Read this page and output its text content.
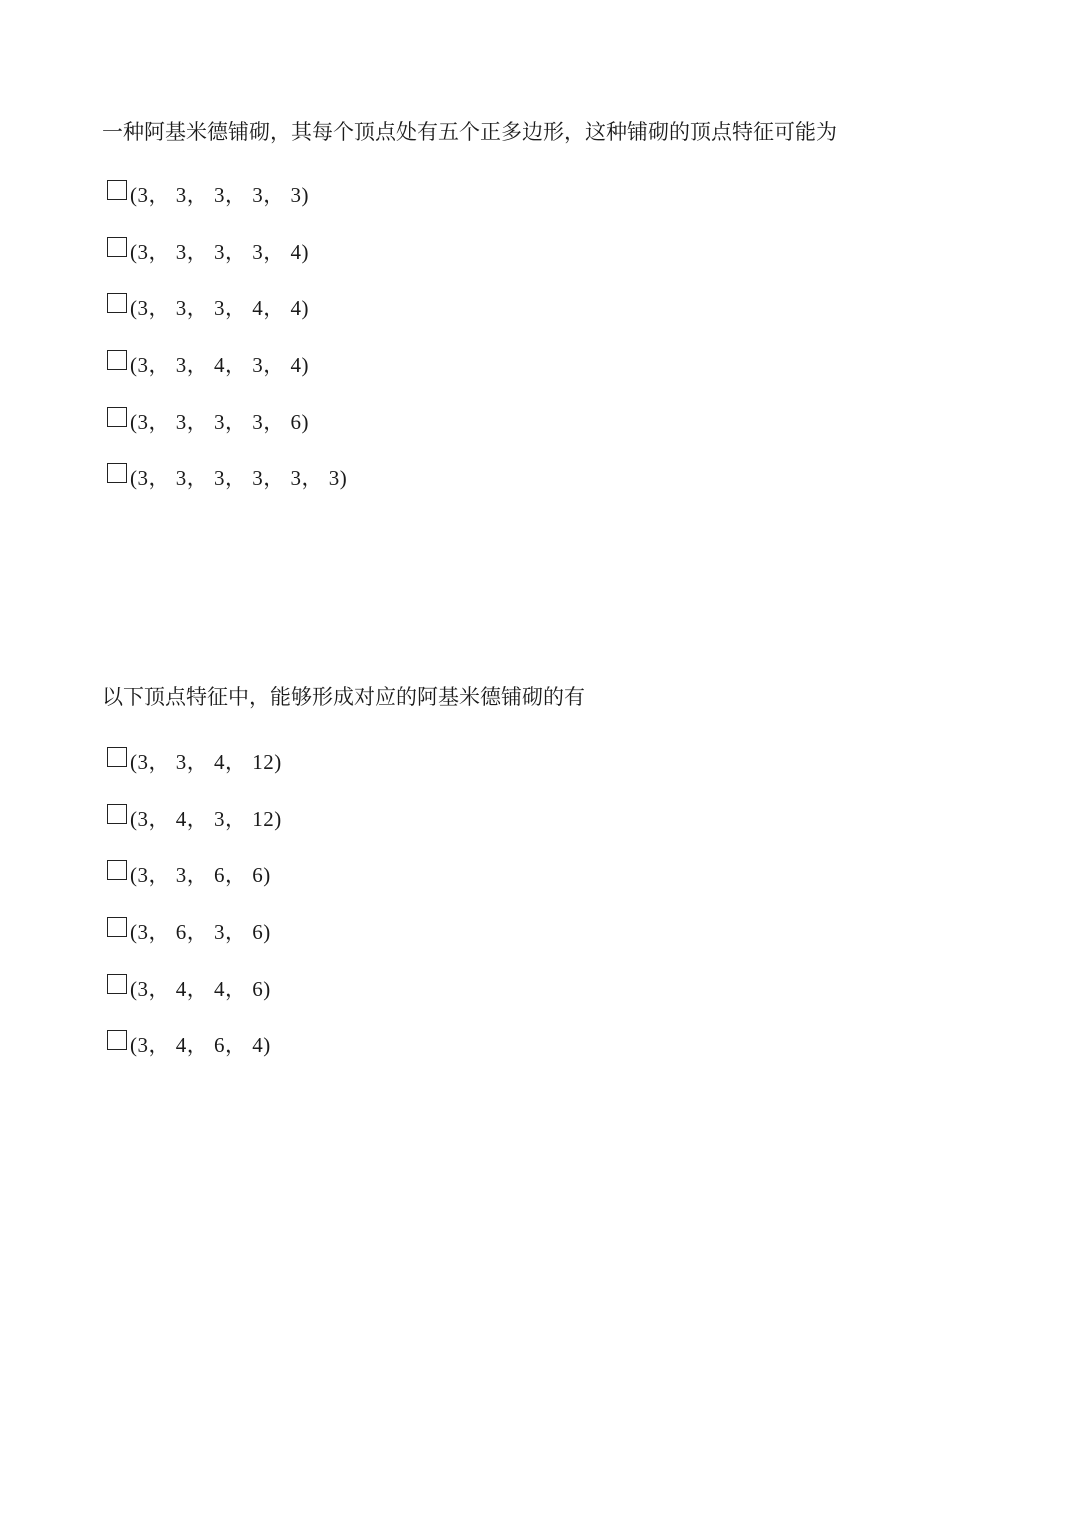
一种阿基米德铺砌，其每个顶点处有五个正多边形，这种铺砌的顶点特征可能为

(3， 3， 3， 3， 3)
(3， 3， 3， 3， 4)
(3， 3， 3， 4， 4)
(3， 3， 4， 3， 4)
(3， 3， 3， 3， 6)
(3， 3， 3， 3， 3， 3)

以下顶点特征中，能够形成对应的阿基米德铺砌的有

(3， 3， 4， 12)
(3， 4， 3， 12)
(3， 3， 6， 6)
(3， 6， 3， 6)
(3， 4， 4， 6)
(3， 4， 6， 4)
